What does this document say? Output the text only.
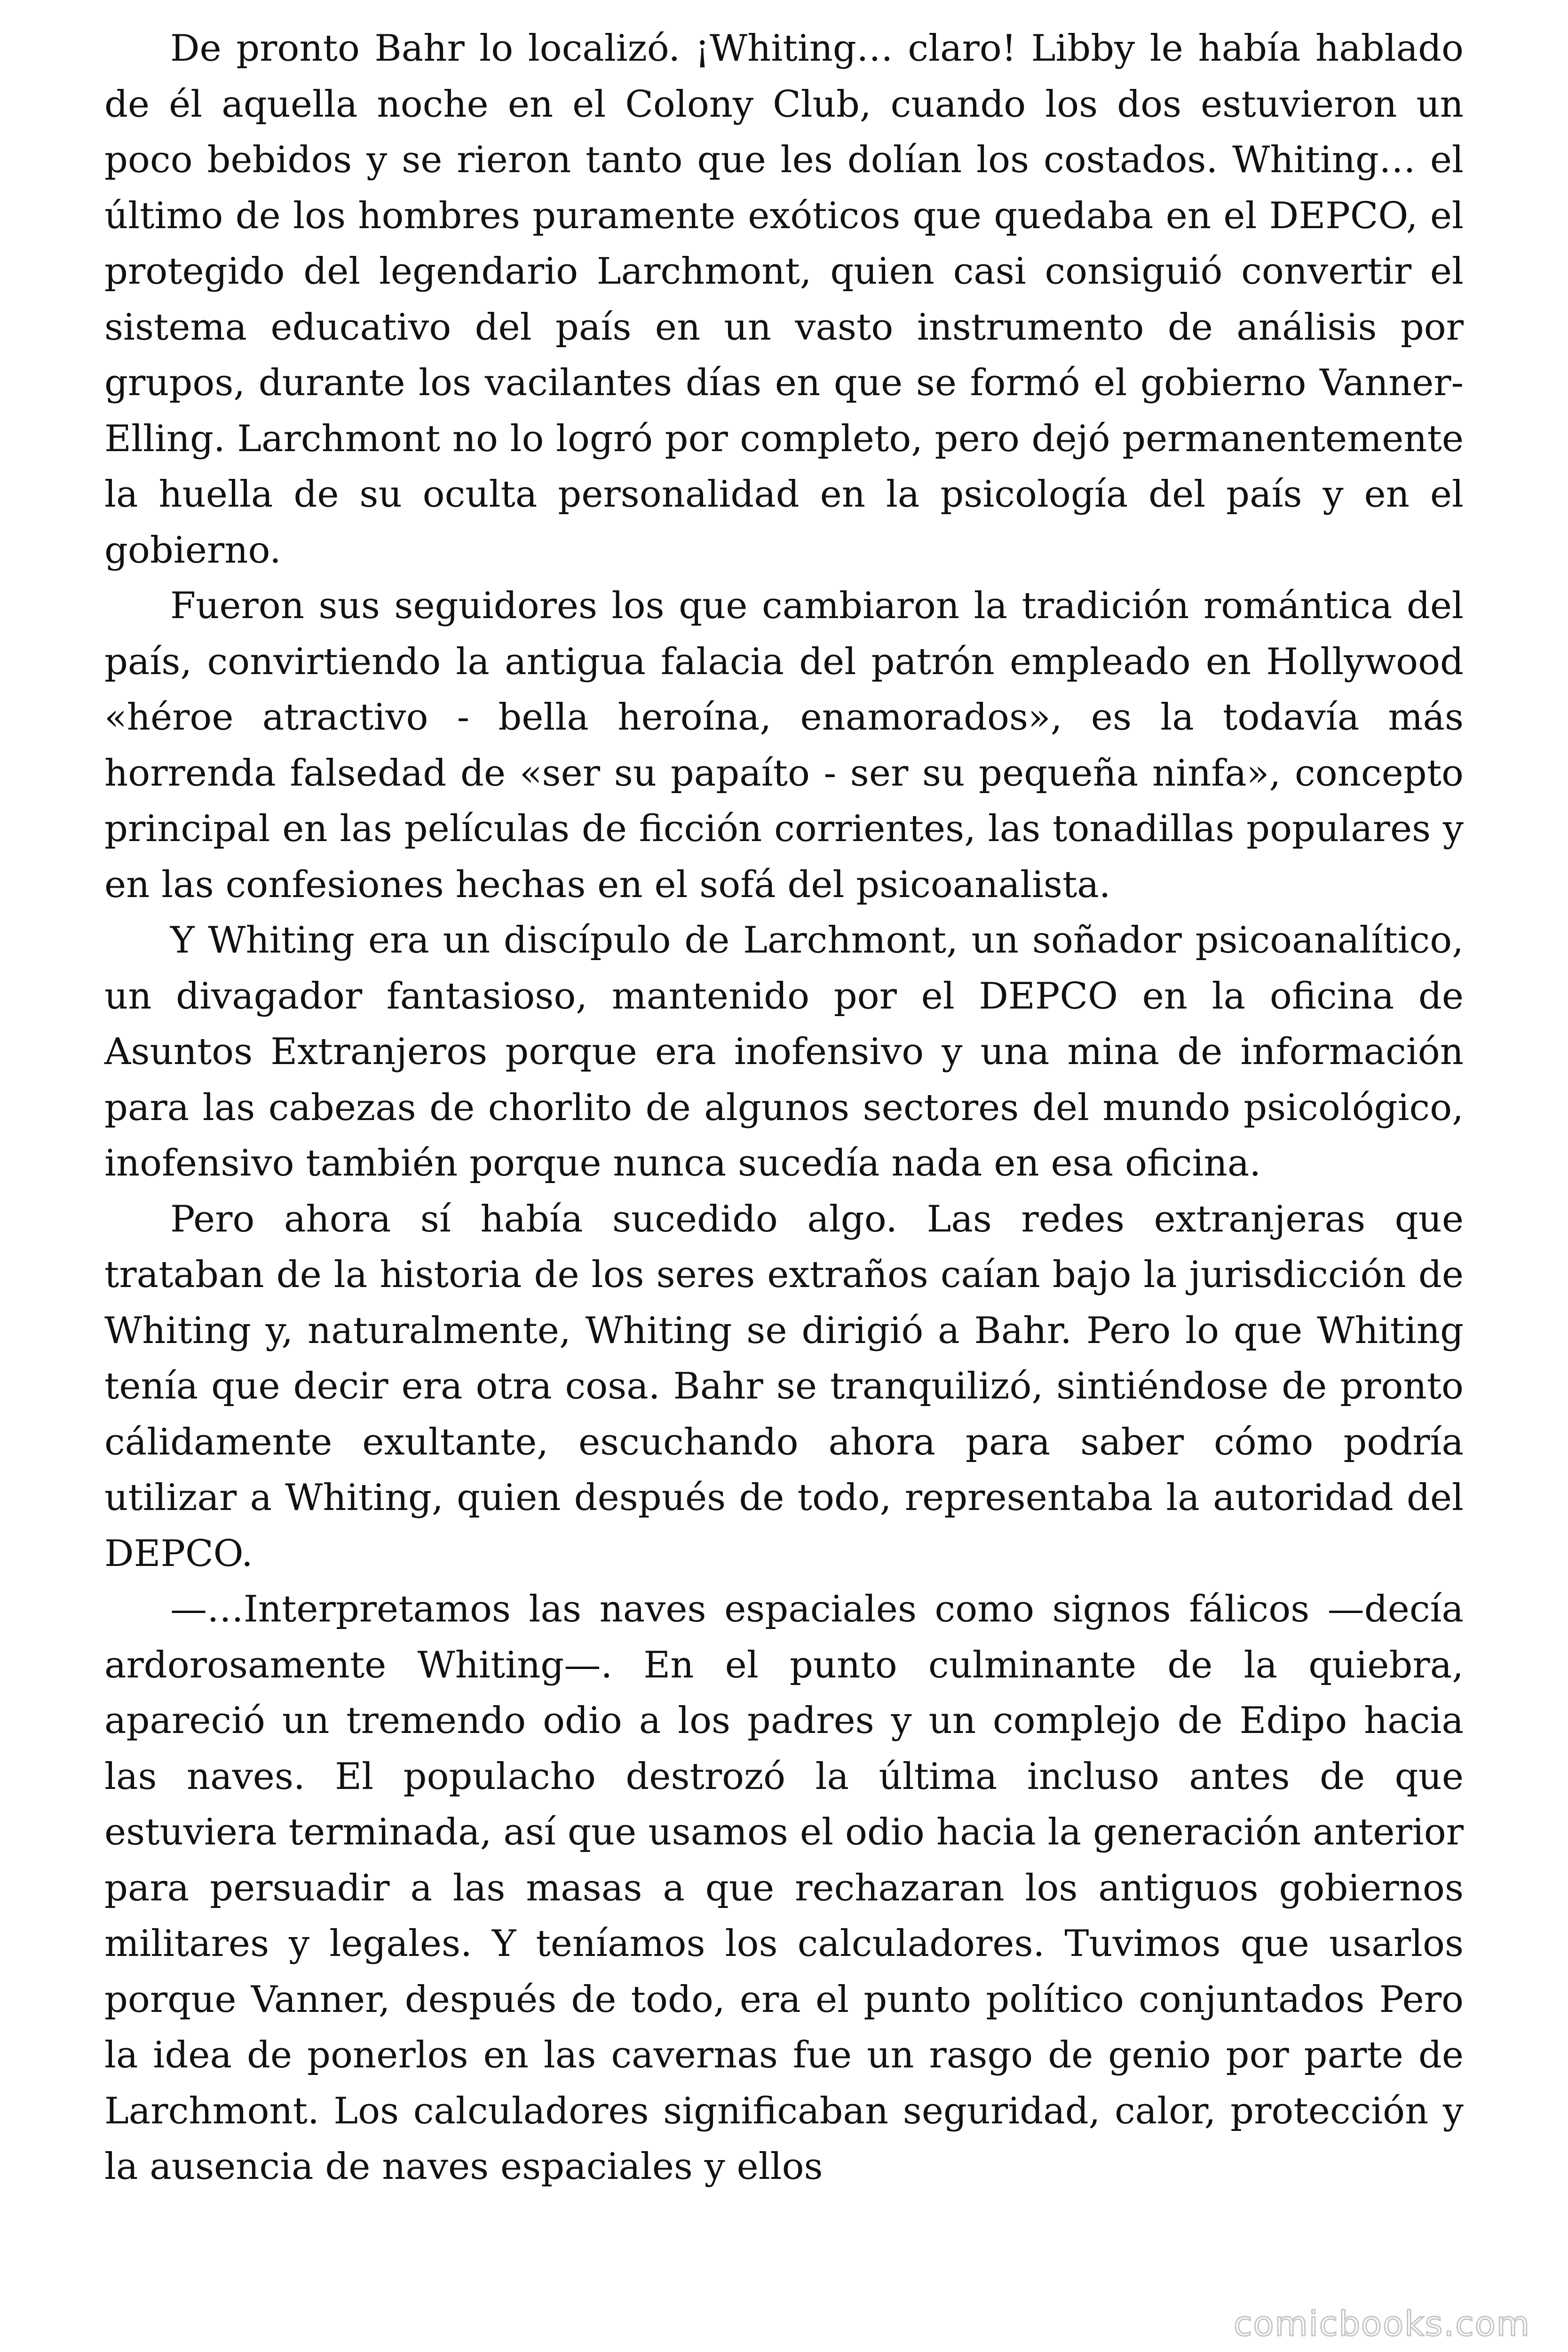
De pronto Bahr lo localizó. ¡Whiting… claro! Libby le había hablado de él aquella noche en el Colony Club, cuando los dos estuvieron un poco bebidos y se rieron tanto que les dolían los costados. Whiting… el último de los hombres puramente exóticos que quedaba en el DEPCO, el protegido del legendario Larchmont, quien casi consiguió convertir el sistema educativo del país en un vasto instrumento de análisis por grupos, durante los vacilantes días en que se formó el gobierno Vanner-Elling. Larchmont no lo logró por completo, pero dejó permanentemente la huella de su oculta personalidad en la psicología del país y en el gobierno.

Fueron sus seguidores los que cambiaron la tradición romántica del país, convirtiendo la antigua falacia del patrón empleado en Hollywood «héroe atractivo - bella heroína, enamorados», es la todavía más horrenda falsedad de «ser su papaíto - ser su pequeña ninfa», concepto principal en las películas de ficción corrientes, las tonadillas populares y en las confesiones hechas en el sofá del psicoanalista.

Y Whiting era un discípulo de Larchmont, un soñador psicoanalítico, un divagador fantasioso, mantenido por el DEPCO en la oficina de Asuntos Extranjeros porque era inofensivo y una mina de información para las cabezas de chorlito de algunos sectores del mundo psicológico, inofensivo también porque nunca sucedía nada en esa oficina.

Pero ahora sí había sucedido algo. Las redes extranjeras que trataban de la historia de los seres extraños caían bajo la jurisdicción de Whiting y, naturalmente, Whiting se dirigió a Bahr. Pero lo que Whiting tenía que decir era otra cosa. Bahr se tranquilizó, sintiéndose de pronto cálidamente exultante, escuchando ahora para saber cómo podría utilizar a Whiting, quien después de todo, representaba la autoridad del DEPCO.

—…Interpretamos las naves espaciales como signos fálicos —decía ardorosamente Whiting—. En el punto culminante de la quiebra, apareció un tremendo odio a los padres y un complejo de Edipo hacia las naves. El populacho destrozó la última incluso antes de que estuviera terminada, así que usamos el odio hacia la generación anterior para persuadir a las masas a que rechazaran los antiguos gobiernos militares y legales. Y teníamos los calculadores. Tuvimos que usarlos porque Vanner, después de todo, era el punto político conjuntados Pero la idea de ponerlos en las cavernas fue un rasgo de genio por parte de Larchmont. Los calculadores significaban seguridad, calor, protección y la ausencia de naves espaciales y ellos

comicbooks.com
